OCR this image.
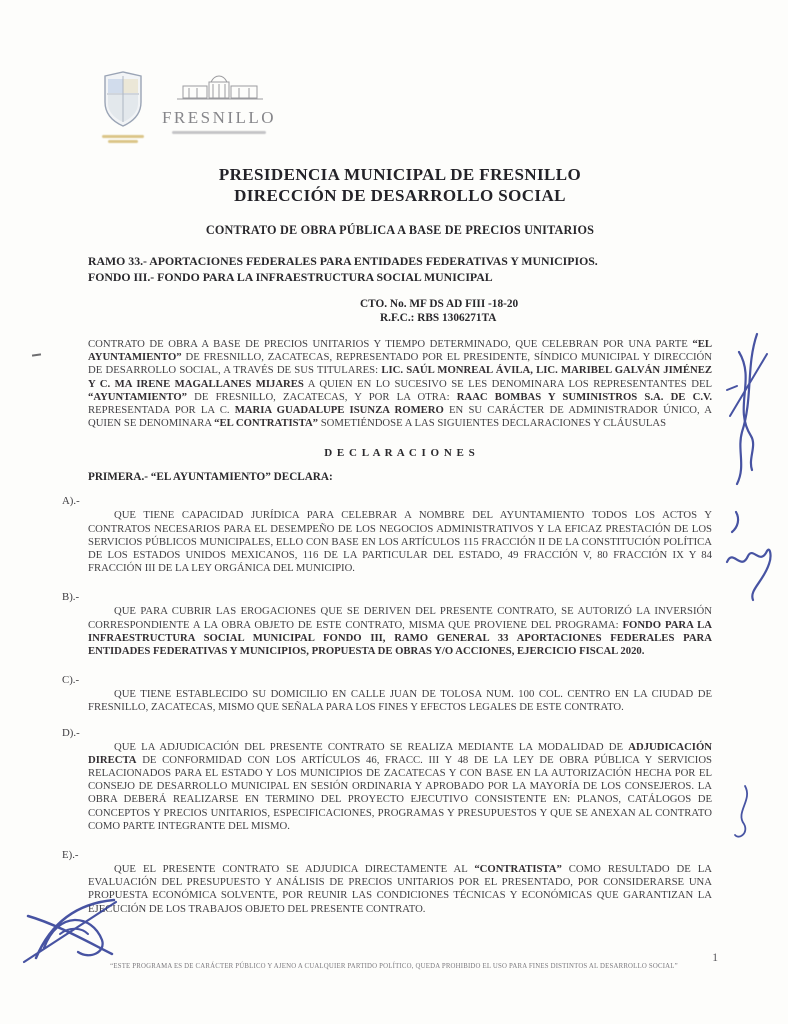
FRESNILLO
PRESIDENCIA MUNICIPAL DE FRESNILLO
DIRECCIÓN DE DESARROLLO SOCIAL
CONTRATO DE OBRA PÚBLICA A BASE DE PRECIOS UNITARIOS
RAMO 33.- APORTACIONES FEDERALES PARA ENTIDADES FEDERATIVAS Y MUNICIPIOS.
FONDO III.- FONDO PARA LA INFRAESTRUCTURA SOCIAL MUNICIPAL
CTO. No. MF DS AD FIII -18-20
R.F.C.: RBS 1306271TA

CONTRATO DE OBRA A BASE DE PRECIOS UNITARIOS Y TIEMPO DETERMINADO, QUE CELEBRAN POR UNA PARTE “EL AYUNTAMIENTO” DE FRESNILLO, ZACATECAS, REPRESENTADO POR EL PRESIDENTE, SÍNDICO MUNICIPAL Y DIRECCIÓN DE DESARROLLO SOCIAL, A TRAVÉS DE SUS TITULARES: LIC. SAÚL MONREAL ÁVILA, LIC. MARIBEL GALVÁN JIMÉNEZ Y C. MA IRENE MAGALLANES MIJARES A QUIEN EN LO SUCESIVO SE LES DENOMINARA LOS REPRESENTANTES DEL “AYUNTAMIENTO” DE FRESNILLO, ZACATECAS, Y POR LA OTRA: RAAC BOMBAS Y SUMINISTROS S.A. DE C.V. REPRESENTADA POR LA C. MARIA GUADALUPE ISUNZA ROMERO EN SU CARÁCTER DE ADMINISTRADOR ÚNICO, A QUIEN SE DENOMINARA “EL CONTRATISTA” SOMETIÉNDOSE A LAS SIGUIENTES DECLARACIONES Y CLÁUSULAS

D E C L A R A C I O N E S
PRIMERA.- “EL AYUNTAMIENTO” DECLARA:
A).-

QUE TIENE CAPACIDAD JURÍDICA PARA CELEBRAR A NOMBRE DEL AYUNTAMIENTO TODOS LOS ACTOS Y CONTRATOS NECESARIOS PARA EL DESEMPEÑO DE LOS NEGOCIOS ADMINISTRATIVOS Y LA EFICAZ PRESTACIÓN DE LOS SERVICIOS PÚBLICOS MUNICIPALES, ELLO CON BASE EN LOS ARTÍCULOS 115 FRACCIÓN II DE LA CONSTITUCIÓN POLÍTICA DE LOS ESTADOS UNIDOS MEXICANOS, 116 DE LA PARTICULAR DEL ESTADO, 49 FRACCIÓN V, 80 FRACCIÓN IX Y 84 FRACCIÓN III DE LA LEY ORGÁNICA DEL MUNICIPIO.

B).-

QUE PARA CUBRIR LAS EROGACIONES QUE SE DERIVEN DEL PRESENTE CONTRATO, SE AUTORIZÓ LA INVERSIÓN CORRESPONDIENTE A LA OBRA OBJETO DE ESTE CONTRATO, MISMA QUE PROVIENE DEL PROGRAMA: FONDO PARA LA INFRAESTRUCTURA SOCIAL MUNICIPAL FONDO III, RAMO GENERAL 33 APORTACIONES FEDERALES PARA ENTIDADES FEDERATIVAS Y MUNICIPIOS, PROPUESTA DE OBRAS Y/O ACCIONES, EJERCICIO FISCAL 2020.

C).-

QUE TIENE ESTABLECIDO SU DOMICILIO EN CALLE JUAN DE TOLOSA NUM. 100 COL. CENTRO EN LA CIUDAD DE FRESNILLO, ZACATECAS, MISMO QUE SEÑALA PARA LOS FINES Y EFECTOS LEGALES DE ESTE CONTRATO.

D).-

QUE LA ADJUDICACIÓN DEL PRESENTE CONTRATO SE REALIZA MEDIANTE LA MODALIDAD DE ADJUDICACIÓN DIRECTA DE CONFORMIDAD CON LOS ARTÍCULOS 46, FRACC. III Y 48 DE LA LEY DE OBRA PÚBLICA Y SERVICIOS RELACIONADOS PARA EL ESTADO Y LOS MUNICIPIOS DE ZACATECAS Y CON BASE EN LA AUTORIZACIÓN HECHA POR EL CONSEJO DE DESARROLLO MUNICIPAL EN SESIÓN ORDINARIA Y APROBADO POR LA MAYORÍA DE LOS CONSEJEROS. LA OBRA DEBERÁ REALIZARSE EN TERMINO DEL PROYECTO EJECUTIVO CONSISTENTE EN: PLANOS, CATÁLOGOS DE CONCEPTOS Y PRECIOS UNITARIOS, ESPECIFICACIONES, PROGRAMAS Y PRESUPUESTOS Y QUE SE ANEXAN AL CONTRATO COMO PARTE INTEGRANTE DEL MISMO.

E).-

QUE EL PRESENTE CONTRATO SE ADJUDICA DIRECTAMENTE AL “CONTRATISTA” COMO RESULTADO DE LA EVALUACIÓN DEL PRESUPUESTO Y ANÁLISIS DE PRECIOS UNITARIOS POR EL PRESENTADO, POR CONSIDERARSE UNA PROPUESTA ECONÓMICA SOLVENTE, POR REUNIR LAS CONDICIONES TÉCNICAS Y ECONÓMICAS QUE GARANTIZAN LA EJECUCIÓN DE LOS TRABAJOS OBJETO DEL PRESENTE CONTRATO.

“ESTE PROGRAMA ES DE CARÁCTER PÚBLICO Y AJENO A CUALQUIER PARTIDO POLÍTICO, QUEDA PROHIBIDO EL USO PARA FINES DISTINTOS AL DESARROLLO SOCIAL”
1
